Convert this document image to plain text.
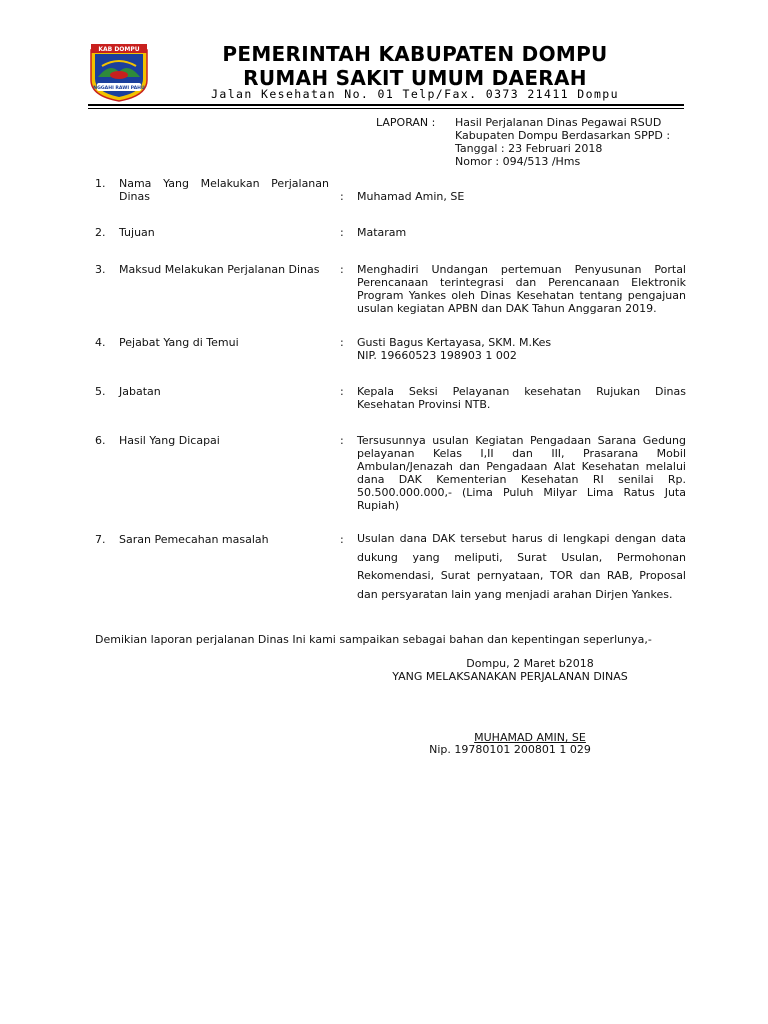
KAB DOMPU
NGGAHI RAWI PAHU
PEMERINTAH KABUPATEN DOMPU
RUMAH SAKIT UMUM DAERAH
Jalan Kesehatan No. 01 Telp/Fax. 0373 21411 Dompu
LAPORAN : Hasil Perjalanan Dinas Pegawai RSUD
Kabupaten Dompu Berdasarkan SPPD :
Tanggal : 23 Februari 2018
Nomor : 094/513 /Hms
1. Nama Yang Melakukan Perjalanan
Dinas	: Muhamad Amin, SE
2. Tujuan	: Mataram
3. Maksud Melakukan Perjalanan Dinas	: Menghadiri Undangan pertemuan Penyusunan Portal
Perencanaan terintegrasi dan Perencanaan Elektronik
Program Yankes oleh Dinas Kesehatan tentang pengajuan
usulan kegiatan APBN dan DAK Tahun Anggaran 2019.
4. Pejabat Yang di Temui	: Gusti Bagus Kertayasa, SKM. M.Kes
NIP. 19660523 198903 1 002
5. Jabatan	: Kepala Seksi Pelayanan kesehatan Rujukan Dinas
Kesehatan Provinsi NTB.
6. Hasil Yang Dicapai	: Tersusunnya usulan Kegiatan Pengadaan Sarana Gedung
pelayanan Kelas I,II dan III, Prasarana Mobil
Ambulan/Jenazah dan Pengadaan Alat Kesehatan melalui
dana DAK Kementerian Kesehatan RI senilai Rp.
50.500.000.000,- (Lima Puluh Milyar Lima Ratus Juta
Rupiah)
7. Saran Pemecahan masalah	: Usulan dana DAK tersebut harus di lengkapi dengan data
dukung yang meliputi, Surat Usulan, Permohonan
Rekomendasi, Surat pernyataan, TOR dan RAB, Proposal
dan persyaratan lain yang menjadi arahan Dirjen Yankes.
Demikian laporan perjalanan Dinas Ini kami sampaikan sebagai bahan dan kepentingan seperlunya,-
Dompu, 2 Maret b2018
YANG MELAKSANAKAN PERJALANAN DINAS
MUHAMAD AMIN, SE
Nip. 19780101 200801 1 029
